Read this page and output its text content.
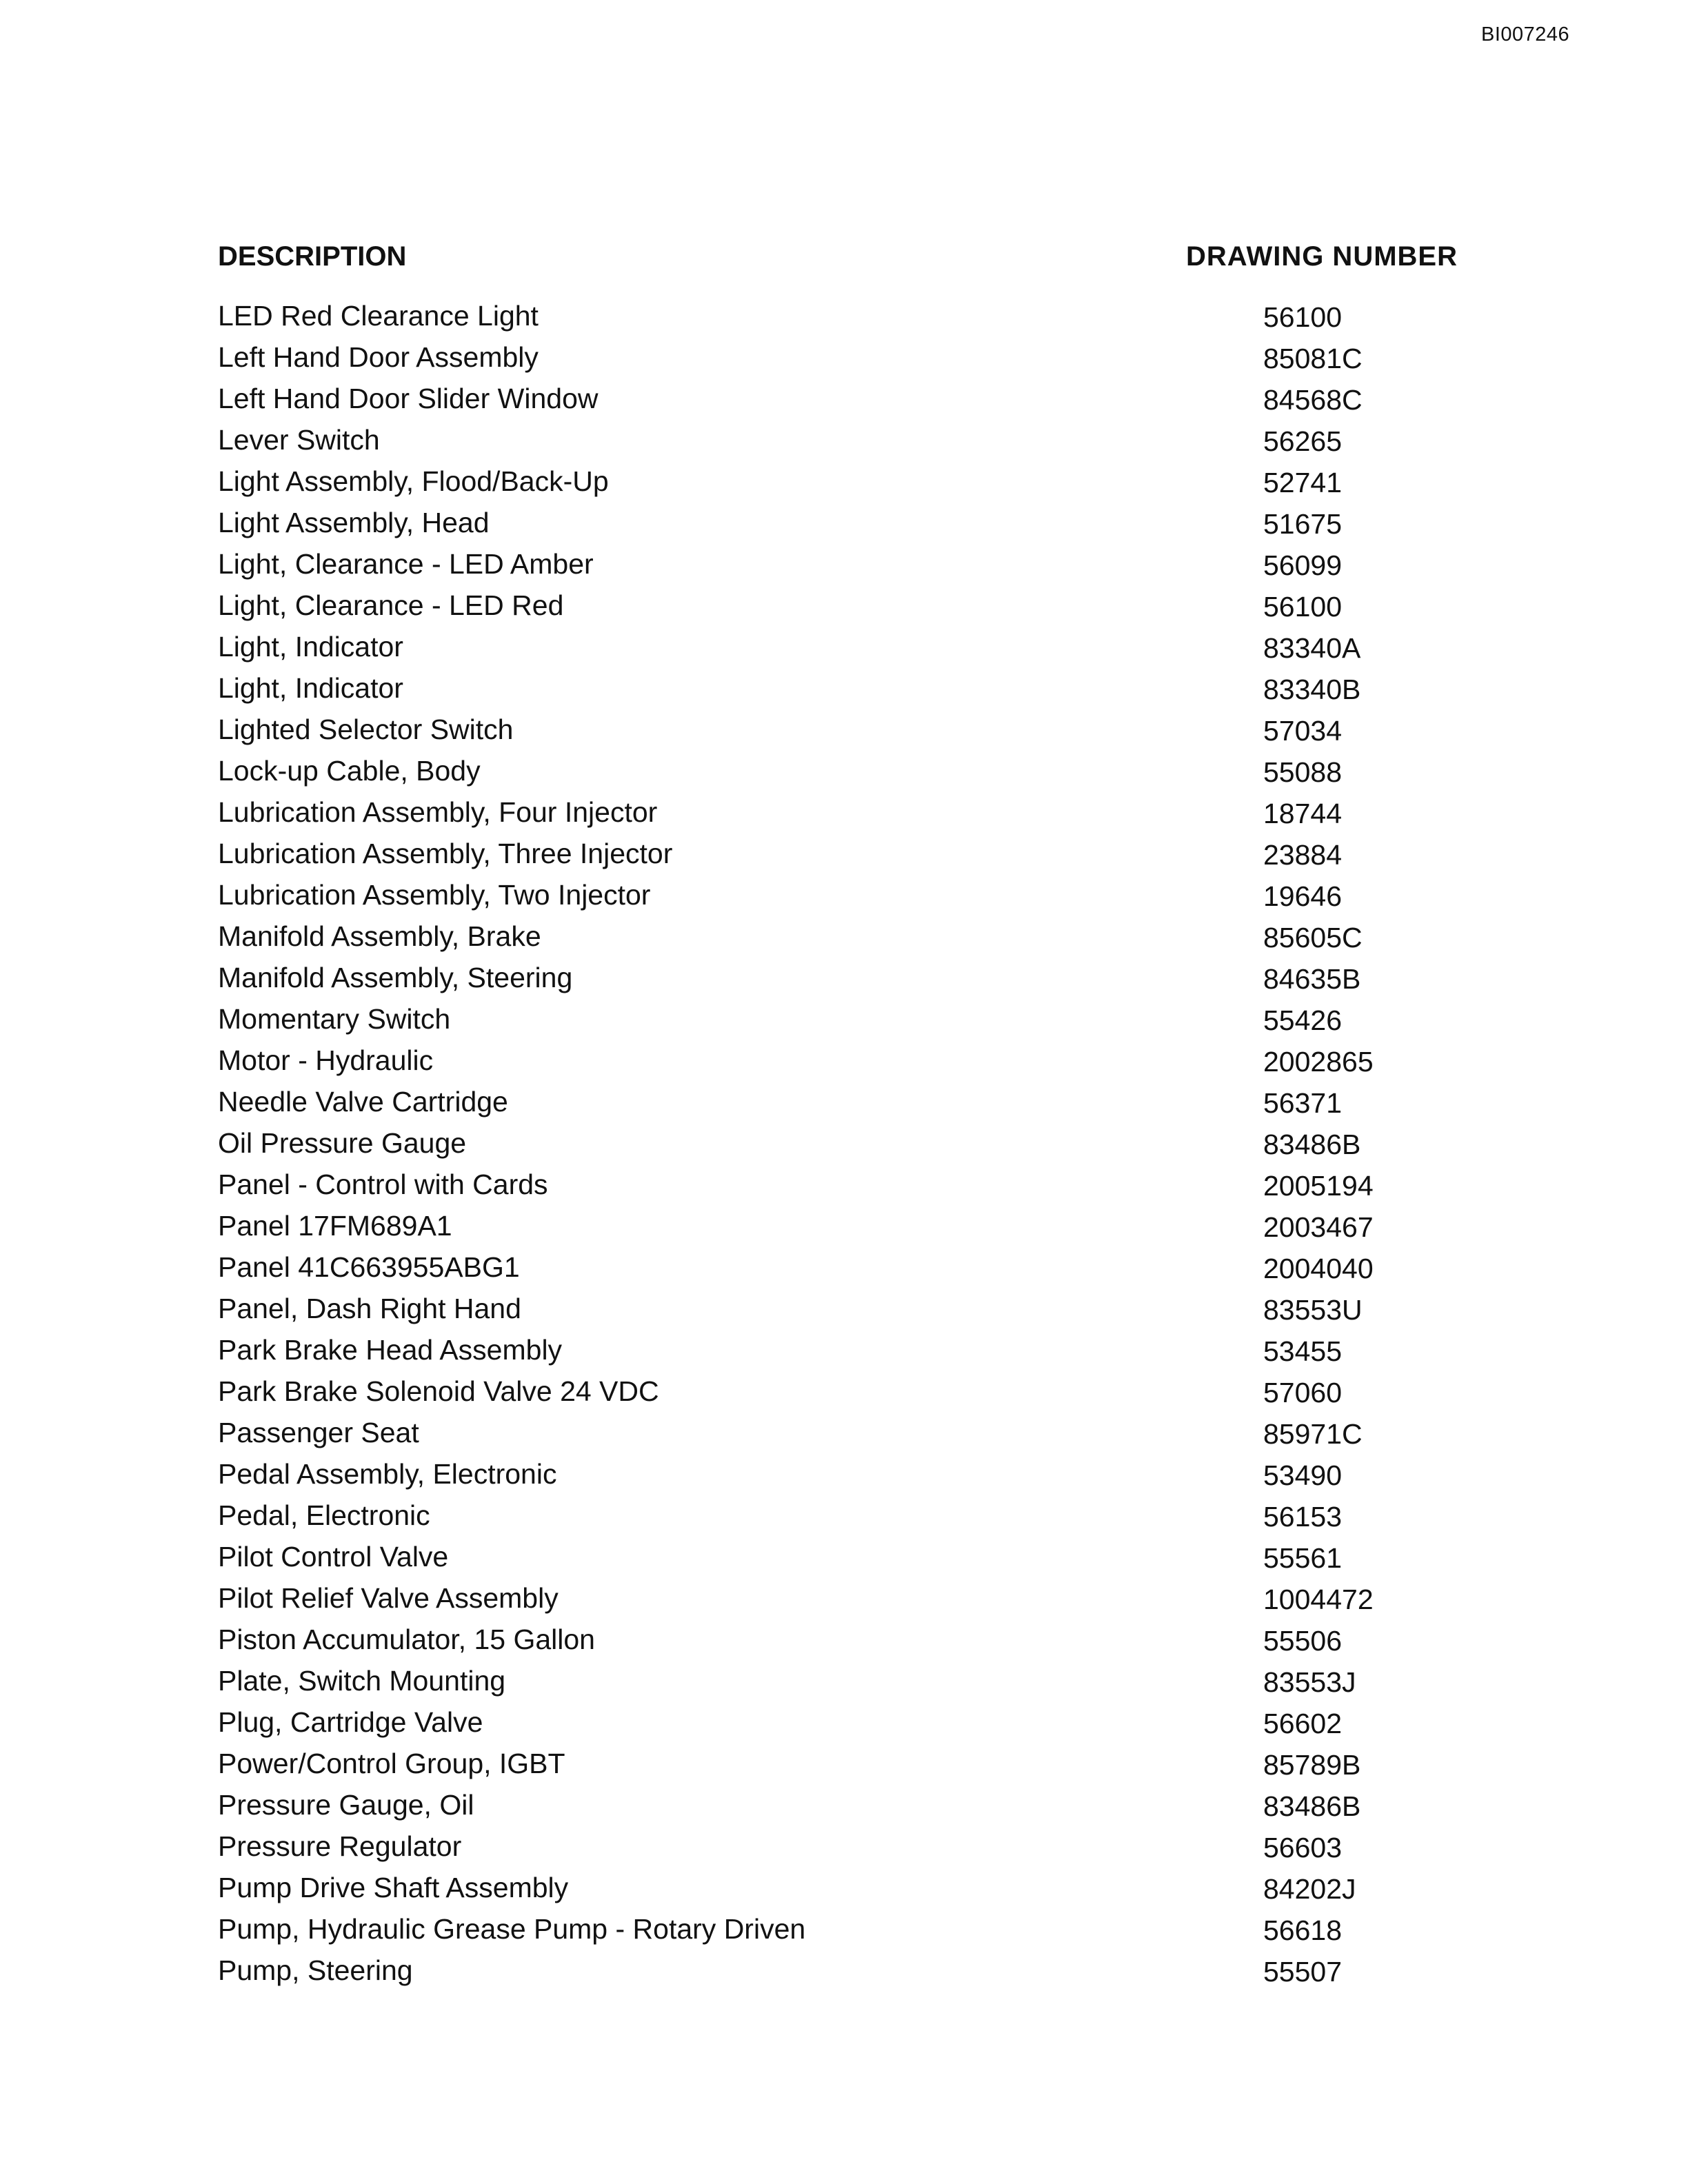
BI007246
DESCRIPTION	DRAWING NUMBER
LED Red Clearance Light	56100
Left Hand Door Assembly	85081C
Left Hand Door Slider Window	84568C
Lever Switch	56265
Light Assembly, Flood/Back-Up	52741
Light Assembly, Head	51675
Light, Clearance - LED Amber	56099
Light, Clearance - LED Red	56100
Light, Indicator	83340A
Light, Indicator	83340B
Lighted Selector Switch	57034
Lock-up Cable, Body	55088
Lubrication Assembly, Four Injector	18744
Lubrication Assembly, Three Injector	23884
Lubrication Assembly, Two Injector	19646
Manifold Assembly, Brake	85605C
Manifold Assembly, Steering	84635B
Momentary Switch	55426
Motor - Hydraulic	2002865
Needle Valve Cartridge	56371
Oil Pressure Gauge	83486B
Panel - Control with Cards	2005194
Panel 17FM689A1	2003467
Panel 41C663955ABG1	2004040
Panel, Dash Right Hand	83553U
Park Brake Head Assembly	53455
Park Brake Solenoid Valve 24 VDC	57060
Passenger Seat	85971C
Pedal Assembly, Electronic	53490
Pedal, Electronic	56153
Pilot Control Valve	55561
Pilot Relief Valve Assembly	1004472
Piston Accumulator, 15 Gallon	55506
Plate, Switch Mounting	83553J
Plug, Cartridge Valve	56602
Power/Control Group, IGBT	85789B
Pressure Gauge, Oil	83486B
Pressure Regulator	56603
Pump Drive Shaft Assembly	84202J
Pump, Hydraulic Grease Pump - Rotary Driven	56618
Pump, Steering	55507
